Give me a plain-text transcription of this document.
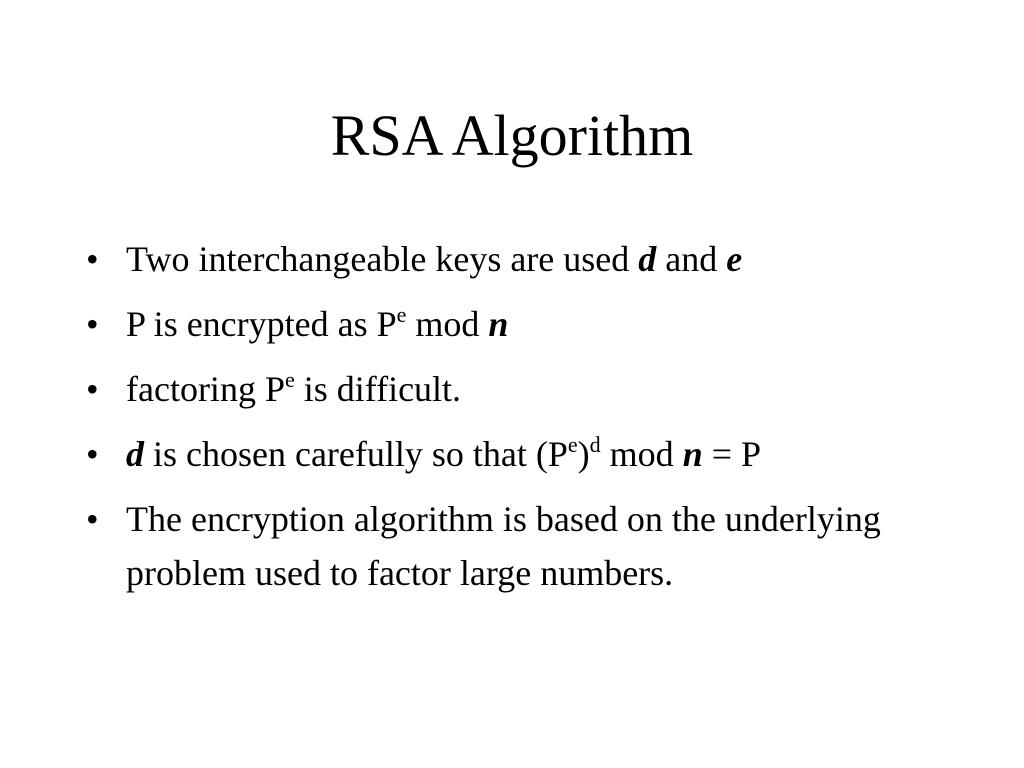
RSA Algorithm
• Two interchangeable keys are used d and e
• P is encrypted as $P^e$ mod n
• factoring $P^e$ is difficult.
• d is chosen carefully so that $(P^e)^d$ mod n = P
• The encryption algorithm is based on the underlying problem used to factor large numbers.
